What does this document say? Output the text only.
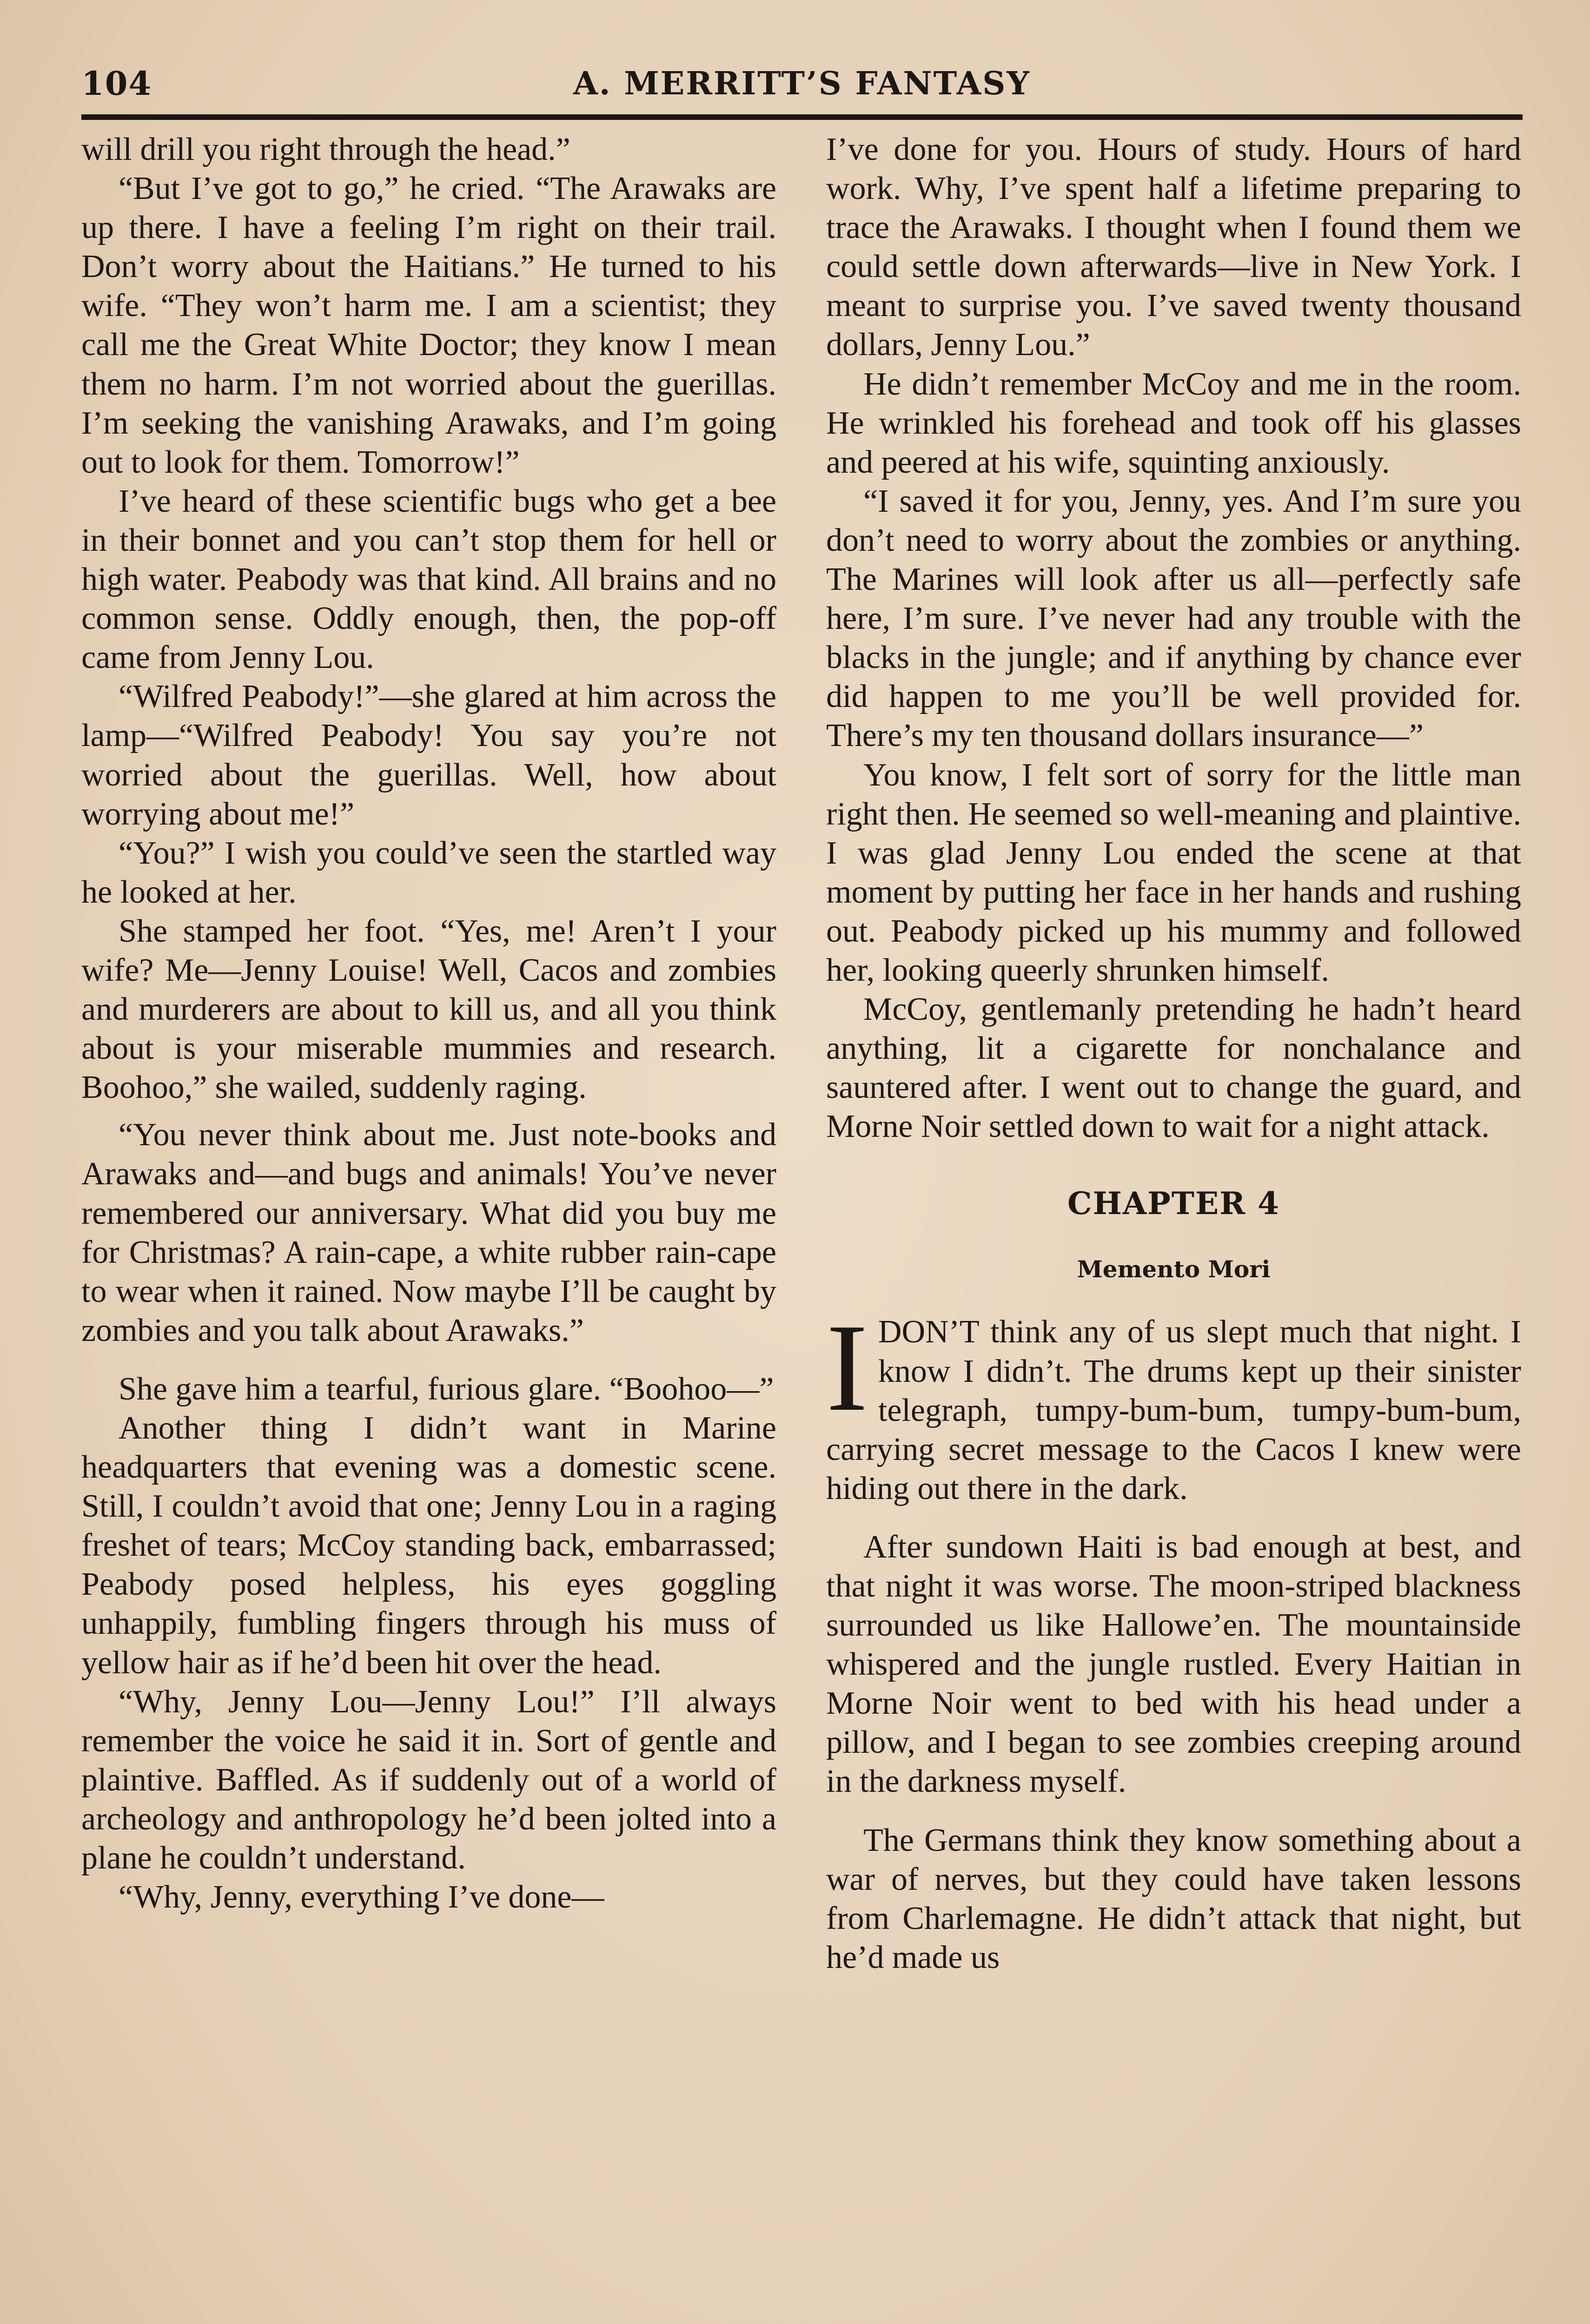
104	A. MERRITT’S FANTASY

will drill you right through the head.”

“But I’ve got to go,” he cried. “The Arawaks are up there. I have a feeling I’m right on their trail. Don’t worry about the Haitians.” He turned to his wife. “They won’t harm me. I am a scientist; they call me the Great White Doctor; they know I mean them no harm. I’m not worried about the guerillas. I’m seeking the vanishing Arawaks, and I’m going out to look for them. Tomorrow!”

I’ve heard of these scientific bugs who get a bee in their bonnet and you can’t stop them for hell or high water. Peabody was that kind. All brains and no common sense. Oddly enough, then, the pop-off came from Jenny Lou.

“Wilfred Peabody!”—she glared at him across the lamp—“Wilfred Peabody! You say you’re not worried about the guerillas. Well, how about worrying about me!”

“You?” I wish you could’ve seen the startled way he looked at her.

She stamped her foot. “Yes, me! Aren’t I your wife? Me—Jenny Louise! Well, Cacos and zombies and murderers are about to kill us, and all you think about is your miserable mummies and research. Boohoo,” she wailed, suddenly raging.

“You never think about me. Just note-books and Arawaks and—and bugs and animals! You’ve never remembered our anniversary. What did you buy me for Christmas? A rain-cape, a white rubber rain-cape to wear when it rained. Now maybe I’ll be caught by zombies and you talk about Arawaks.”

She gave him a tearful, furious glare. “Boohoo—”

Another thing I didn’t want in Marine headquarters that evening was a domestic scene. Still, I couldn’t avoid that one; Jenny Lou in a raging freshet of tears; McCoy standing back, embarrassed; Peabody posed helpless, his eyes goggling unhappily, fumbling fingers through his muss of yellow hair as if he’d been hit over the head.

“Why, Jenny Lou—Jenny Lou!” I’ll always remember the voice he said it in. Sort of gentle and plaintive. Baffled. As if suddenly out of a world of archeology and anthropology he’d been jolted into a plane he couldn’t understand.

“Why, Jenny, everything I’ve done—

I’ve done for you. Hours of study. Hours of hard work. Why, I’ve spent half a lifetime preparing to trace the Arawaks. I thought when I found them we could settle down afterwards—live in New York. I meant to surprise you. I’ve saved twenty thousand dollars, Jenny Lou.”

He didn’t remember McCoy and me in the room. He wrinkled his forehead and took off his glasses and peered at his wife, squinting anxiously.

“I saved it for you, Jenny, yes. And I’m sure you don’t need to worry about the zombies or anything. The Marines will look after us all—perfectly safe here, I’m sure. I’ve never had any trouble with the blacks in the jungle; and if anything by chance ever did happen to me you’ll be well provided for. There’s my ten thousand dollars insurance—”

You know, I felt sort of sorry for the little man right then. He seemed so well-meaning and plaintive. I was glad Jenny Lou ended the scene at that moment by putting her face in her hands and rushing out. Peabody picked up his mummy and followed her, looking queerly shrunken himself.

McCoy, gentlemanly pretending he hadn’t heard anything, lit a cigarette for nonchalance and sauntered after. I went out to change the guard, and Morne Noir settled down to wait for a night attack.

CHAPTER 4
Memento Mori

IDON’T think any of us slept much that night. I know I didn’t. The drums kept up their sinister telegraph, tumpy-bum-bum, tumpy-bum-bum, carrying secret message to the Cacos I knew were hiding out there in the dark.

After sundown Haiti is bad enough at best, and that night it was worse. The moon-striped blackness surrounded us like Hallowe’en. The mountainside whispered and the jungle rustled. Every Haitian in Morne Noir went to bed with his head under a pillow, and I began to see zombies creeping around in the darkness myself.

The Germans think they know something about a war of nerves, but they could have taken lessons from Charlemagne. He didn’t attack that night, but he’d made us
